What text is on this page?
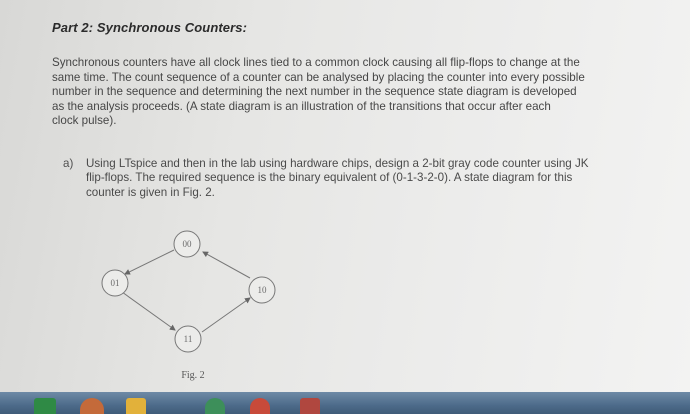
Part 2: Synchronous Counters:
Synchronous counters have all clock lines tied to a common clock causing all flip-flops to change at the
same time. The count sequence of a counter can be analysed by placing the counter into every possible
number in the sequence and determining the next number in the sequence state diagram is developed
as the analysis proceeds. (A state diagram is an illustration of the transitions that occur after each
clock pulse).
a) Using LTspice and then in the lab using hardware chips, design a 2-bit gray code counter using JK
flip-flops. The required sequence is the binary equivalent of (0-1-3-2-0). A state diagram for this
counter is given in Fig. 2.
00
01
11
10
Fig. 2
